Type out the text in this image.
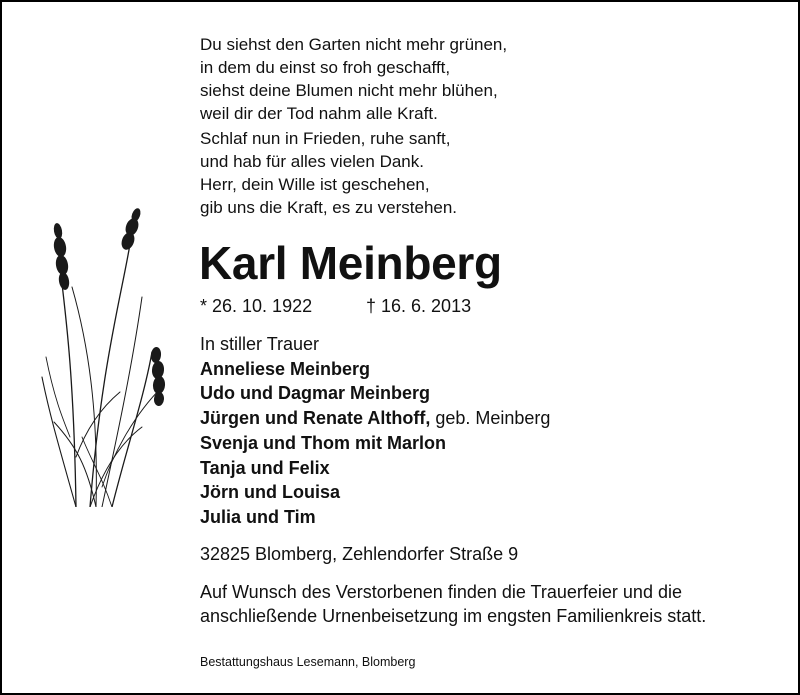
Du siehst den Garten nicht mehr grünen,

in dem du einst so froh geschafft,

siehst deine Blumen nicht mehr blühen,

weil dir der Tod nahm alle Kraft.

Schlaf nun in Frieden, ruhe sanft,

und hab für alles vielen Dank.

Herr, dein Wille ist geschehen,

gib uns die Kraft, es zu verstehen.

Karl Meinberg
* 26. 10. 1922	† 16. 6. 2013
In stiller Trauer
Anneliese Meinberg
Udo und Dagmar Meinberg
Jürgen und Renate Althoff, geb. Meinberg
Svenja und Thom mit Marlon
Tanja und Felix
Jörn und Louisa
Julia und Tim
32825 Blomberg, Zehlendorfer Straße 9

Auf Wunsch des Verstorbenen finden die Trauerfeier und die

anschließende Urnenbeisetzung im engsten Familienkreis statt.

Bestattungshaus Lesemann, Blomberg
